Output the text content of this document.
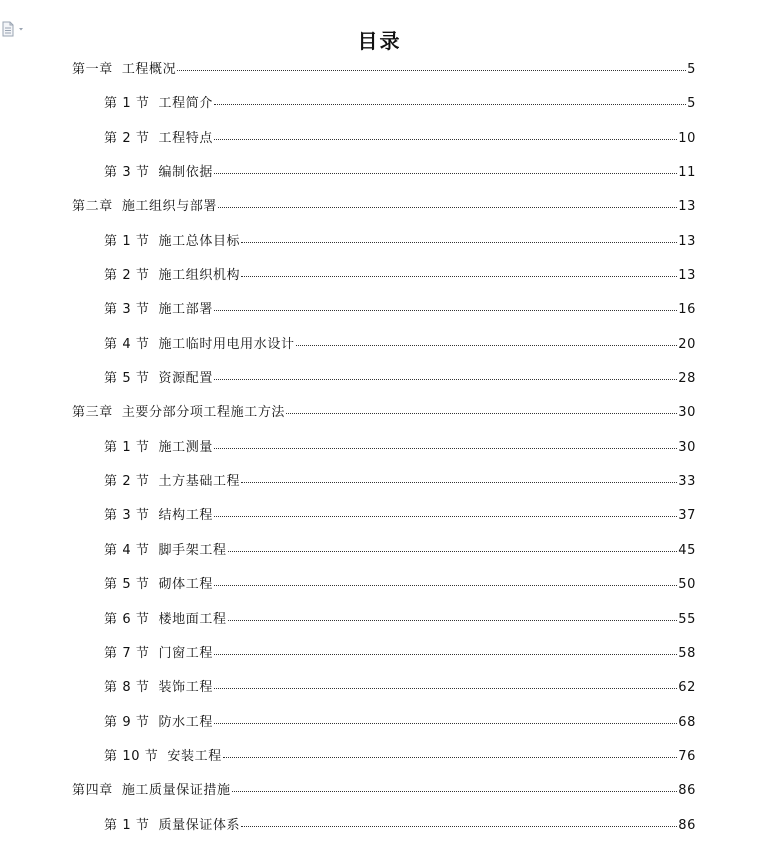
目录
第一章 工程概况	5
第 1 节 工程简介	5
第 2 节 工程特点	10
第 3 节 编制依据	11
第二章 施工组织与部署	13
第 1 节 施工总体目标	13
第 2 节 施工组织机构	13
第 3 节 施工部署	16
第 4 节 施工临时用电用水设计	20
第 5 节 资源配置	28
第三章 主要分部分项工程施工方法	30
第 1 节 施工测量	30
第 2 节 土方基础工程	33
第 3 节 结构工程	37
第 4 节 脚手架工程	45
第 5 节 砌体工程	50
第 6 节 楼地面工程	55
第 7 节 门窗工程	58
第 8 节 装饰工程	62
第 9 节 防水工程	68
第 10 节 安装工程	76
第四章 施工质量保证措施	86
第 1 节 质量保证体系	86
